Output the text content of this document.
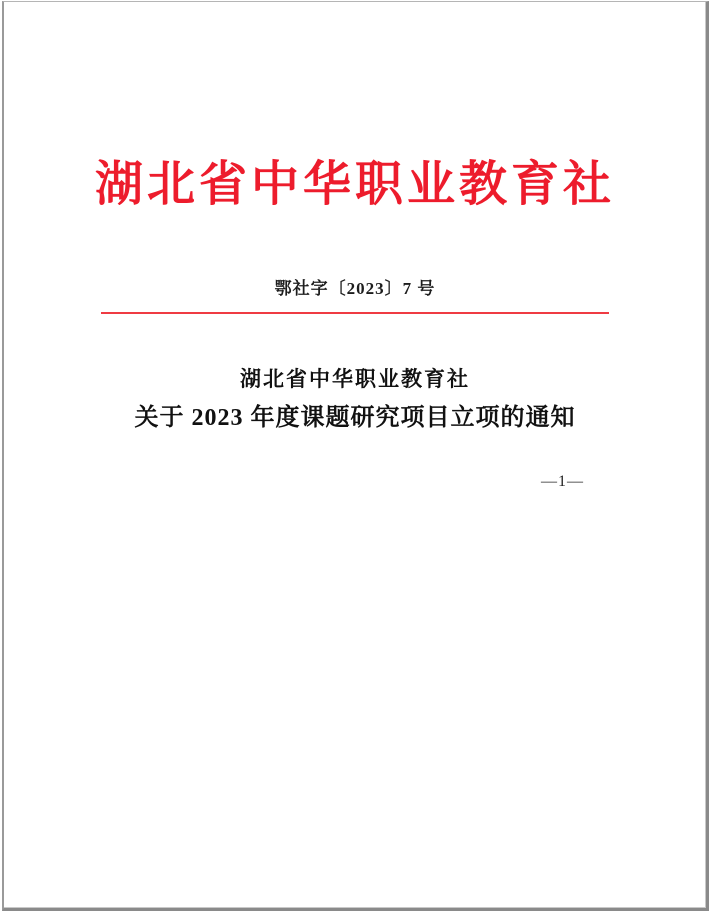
湖北省中华职业教育社
鄂社字〔2023〕7 号
湖北省中华职业教育社
关于 2023 年度课题研究项目立项的通知
—1—
